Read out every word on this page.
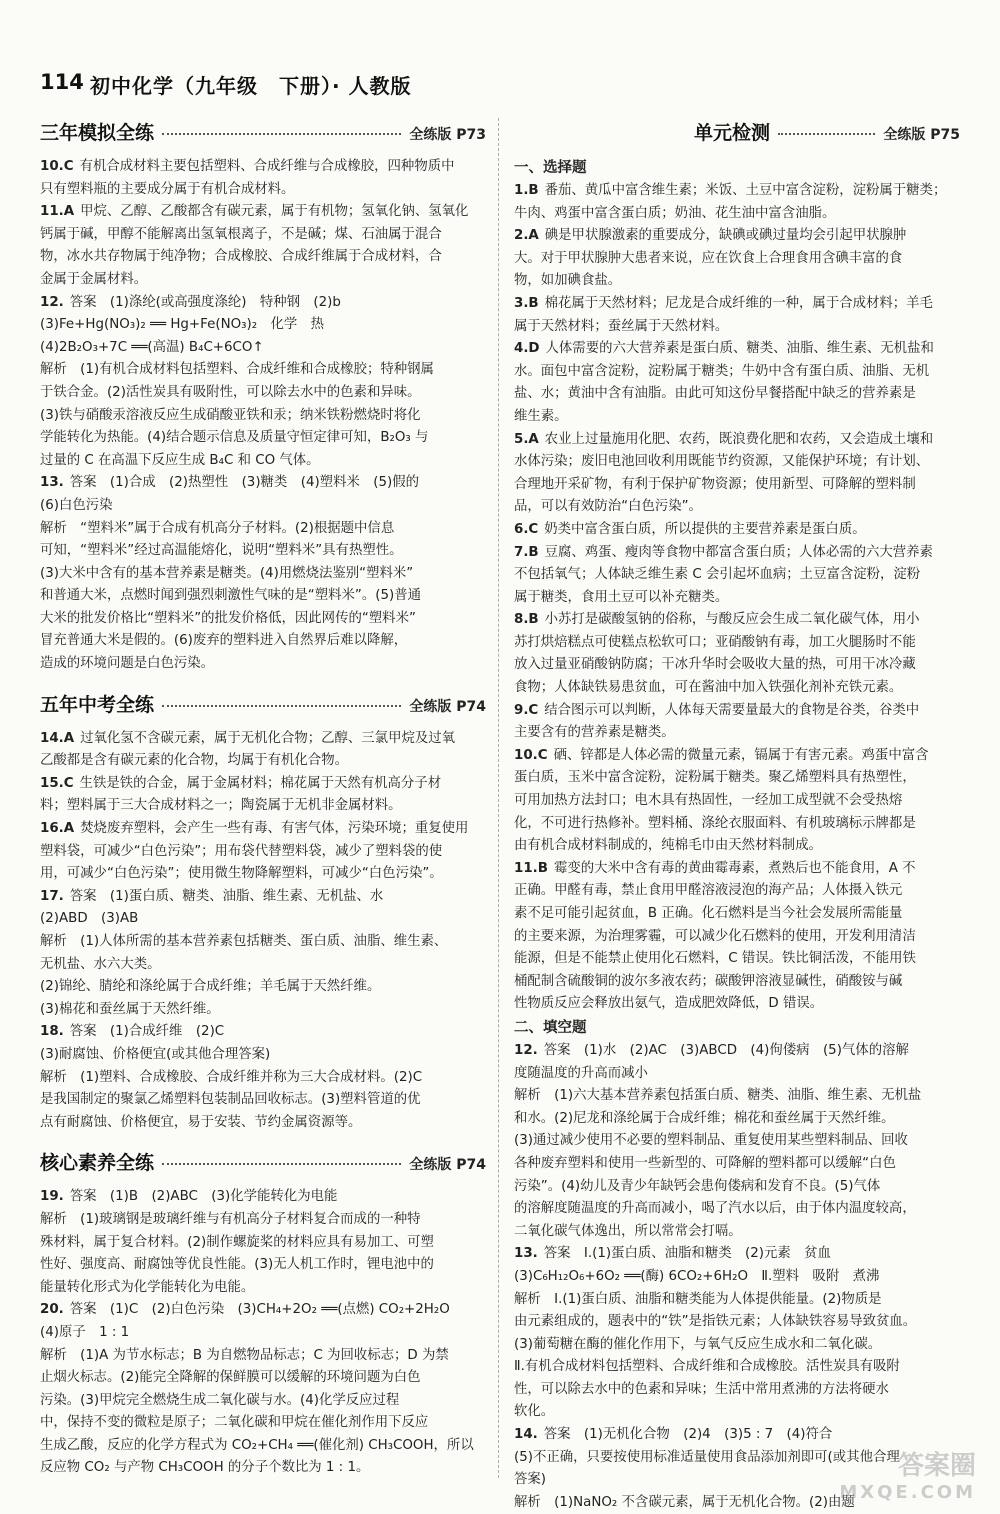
114 初中化学（九年级　下册）· 人教版
三年模拟全练	全练版 P73
10.C 有机合成材料主要包括塑料、合成纤维与合成橡胶，四种物质中
只有塑料瓶的主要成分属于有机合成材料。
11.A 甲烷、乙醇、乙酸都含有碳元素，属于有机物；氢氧化钠、氢氧化
钙属于碱，甲醇不能解离出氢氧根离子，不是碱；煤、石油属于混合
物，冰水共存物属于纯净物；合成橡胶、合成纤维属于合成材料，合
金属于金属材料。
12. 答案　(1)涤纶(或高强度涤纶)　特种钢　(2)b
(3)Fe+Hg(NO₃)₂ ══ Hg+Fe(NO₃)₂　化学　热
(4)2B₂O₃+7C ══(高温) B₄C+6CO↑
解析　(1)有机合成材料包括塑料、合成纤维和合成橡胶；特种钢属
于铁合金。(2)活性炭具有吸附性，可以除去水中的色素和异味。
(3)铁与硝酸汞溶液反应生成硝酸亚铁和汞；纳米铁粉燃烧时将化
学能转化为热能。(4)结合题示信息及质量守恒定律可知，B₂O₃ 与
过量的 C 在高温下反应生成 B₄C 和 CO 气体。
13. 答案　(1)合成　(2)热塑性　(3)糖类　(4)塑料米　(5)假的
(6)白色污染
解析　“塑料米”属于合成有机高分子材料。(2)根据题中信息
可知，“塑料米”经过高温能熔化，说明“塑料米”具有热塑性。
(3)大米中含有的基本营养素是糖类。(4)用燃烧法鉴别“塑料米”
和普通大米，点燃时闻到强烈刺激性气味的是“塑料米”。(5)普通
大米的批发价格比“塑料米”的批发价格低，因此网传的“塑料米”
冒充普通大米是假的。(6)废弃的塑料进入自然界后难以降解，
造成的环境问题是白色污染。
五年中考全练	全练版 P74
14.A 过氧化氢不含碳元素，属于无机化合物；乙醇、三氯甲烷及过氧
乙酸都是含有碳元素的化合物，均属于有机化合物。
15.C 生铁是铁的合金，属于金属材料；棉花属于天然有机高分子材
料；塑料属于三大合成材料之一；陶瓷属于无机非金属材料。
16.A 焚烧废弃塑料，会产生一些有毒、有害气体，污染环境；重复使用
塑料袋，可减少“白色污染”；用布袋代替塑料袋，减少了塑料袋的使
用，可减少“白色污染”；使用微生物降解塑料，可减少“白色污染”。
17. 答案　(1)蛋白质、糖类、油脂、维生素、无机盐、水
(2)ABD　(3)AB
解析　(1)人体所需的基本营养素包括糖类、蛋白质、油脂、维生素、
无机盐、水六大类。
(2)锦纶、腈纶和涤纶属于合成纤维；羊毛属于天然纤维。
(3)棉花和蚕丝属于天然纤维。
18. 答案　(1)合成纤维　(2)C
(3)耐腐蚀、价格便宜(或其他合理答案)
解析　(1)塑料、合成橡胶、合成纤维并称为三大合成材料。(2)C
是我国制定的聚氯乙烯塑料包装制品回收标志。(3)塑料管道的优
点有耐腐蚀、价格便宜，易于安装、节约金属资源等。
核心素养全练	全练版 P74
19. 答案　(1)B　(2)ABC　(3)化学能转化为电能
解析　(1)玻璃钢是玻璃纤维与有机高分子材料复合而成的一种特
殊材料，属于复合材料。(2)制作螺旋桨的材料应具有易加工、可塑
性好、强度高、耐腐蚀等优良性能。(3)无人机工作时，锂电池中的
能量转化形式为化学能转化为电能。
20. 答案　(1)C　(2)白色污染　(3)CH₄+2O₂ ══(点燃) CO₂+2H₂O
(4)原子　1 : 1
解析　(1)A 为节水标志；B 为自燃物品标志；C 为回收标志；D 为禁
止烟火标志。(2)能完全降解的保鲜膜可以缓解的环境问题为白色
污染。(3)甲烷完全燃烧生成二氧化碳与水。(4)化学反应过程
中，保持不变的微粒是原子；二氧化碳和甲烷在催化剂作用下反应
生成乙酸，反应的化学方程式为 CO₂+CH₄ ══(催化剂) CH₃COOH，所以
反应物 CO₂ 与产物 CH₃COOH 的分子个数比为 1 : 1。
单元检测	全练版 P75
一、选择题
1.B 番茄、黄瓜中富含维生素；米饭、土豆中富含淀粉，淀粉属于糖类；
牛肉、鸡蛋中富含蛋白质；奶油、花生油中富含油脂。
2.A 碘是甲状腺激素的重要成分，缺碘或碘过量均会引起甲状腺肿
大。对于甲状腺肿大患者来说，应在饮食上合理食用含碘丰富的食
物，如加碘食盐。
3.B 棉花属于天然材料；尼龙是合成纤维的一种，属于合成材料；羊毛
属于天然材料；蚕丝属于天然材料。
4.D 人体需要的六大营养素是蛋白质、糖类、油脂、维生素、无机盐和
水。面包中富含淀粉，淀粉属于糖类；牛奶中含有蛋白质、油脂、无机
盐、水；黄油中含有油脂。由此可知这份早餐搭配中缺乏的营养素是
维生素。
5.A 农业上过量施用化肥、农药，既浪费化肥和农药，又会造成土壤和
水体污染；废旧电池回收利用既能节约资源，又能保护环境；有计划、
合理地开采矿物，有利于保护矿物资源；使用新型、可降解的塑料制
品，可以有效防治“白色污染”。
6.C 奶类中富含蛋白质，所以提供的主要营养素是蛋白质。
7.B 豆腐、鸡蛋、瘦肉等食物中都富含蛋白质；人体必需的六大营养素
不包括氧气；人体缺乏维生素 C 会引起坏血病；土豆富含淀粉，淀粉
属于糖类，食用土豆可以补充糖类。
8.B 小苏打是碳酸氢钠的俗称，与酸反应会生成二氧化碳气体，用小
苏打烘焙糕点可使糕点松软可口；亚硝酸钠有毒，加工火腿肠时不能
放入过量亚硝酸钠防腐；干冰升华时会吸收大量的热，可用干冰冷藏
食物；人体缺铁易患贫血，可在酱油中加入铁强化剂补充铁元素。
9.C 结合图示可以判断，人体每天需要量最大的食物是谷类，谷类中
主要含有的营养素是糖类。
10.C 硒、锌都是人体必需的微量元素，镉属于有害元素。鸡蛋中富含
蛋白质，玉米中富含淀粉，淀粉属于糖类。聚乙烯塑料具有热塑性，
可用加热方法封口；电木具有热固性，一经加工成型就不会受热熔
化，不可进行热修补。塑料桶、涤纶衣服面料、有机玻璃标示牌都是
由有机合成材料制成的，纯棉毛巾由天然材料制成。
11.B 霉变的大米中含有毒的黄曲霉毒素，煮熟后也不能食用，A 不
正确。甲醛有毒，禁止食用甲醛溶液浸泡的海产品；人体摄入铁元
素不足可能引起贫血，B 正确。化石燃料是当今社会发展所需能量
的主要来源，为治理雾霾，可以减少化石燃料的使用，开发利用清洁
能源，但是不能禁止使用化石燃料，C 错误。铁比铜活泼，不能用铁
桶配制含硫酸铜的波尔多液农药；碳酸钾溶液显碱性，硝酸铵与碱
性物质反应会释放出氨气，造成肥效降低，D 错误。
二、填空题
12. 答案　(1)水　(2)AC　(3)ABCD　(4)佝偻病　(5)气体的溶解
度随温度的升高而减小
解析　(1)六大基本营养素包括蛋白质、糖类、油脂、维生素、无机盐
和水。(2)尼龙和涤纶属于合成纤维；棉花和蚕丝属于天然纤维。
(3)通过减少使用不必要的塑料制品、重复使用某些塑料制品、回收
各种废弃塑料和使用一些新型的、可降解的塑料都可以缓解“白色
污染”。(4)幼儿及青少年缺钙会患佝偻病和发育不良。(5)气体
的溶解度随温度的升高而减小，喝了汽水以后，由于体内温度较高，
二氧化碳气体逸出，所以常常会打嗝。
13. 答案　Ⅰ.(1)蛋白质、油脂和糖类　(2)元素　贫血
(3)C₆H₁₂O₆+6O₂ ══(酶) 6CO₂+6H₂O　Ⅱ.塑料　吸附　煮沸
解析　Ⅰ.(1)蛋白质、油脂和糖类能为人体提供能量。(2)物质是
由元素组成的，题表中的“铁”是指铁元素；人体缺铁容易导致贫血。
(3)葡萄糖在酶的催化作用下，与氧气反应生成水和二氧化碳。
Ⅱ.有机合成材料包括塑料、合成纤维和合成橡胶。活性炭具有吸附
性，可以除去水中的色素和异味；生活中常用煮沸的方法将硬水
软化。
14. 答案　(1)无机化合物　(2)4　(3)5 : 7　(4)符合
(5)不正确，只要按使用标准适量使用食品添加剂即可(或其他合理
答案)
解析　(1)NaNO₂ 不含碳元素，属于无机化合物。(2)由题
答案圈
MXQE.COM
